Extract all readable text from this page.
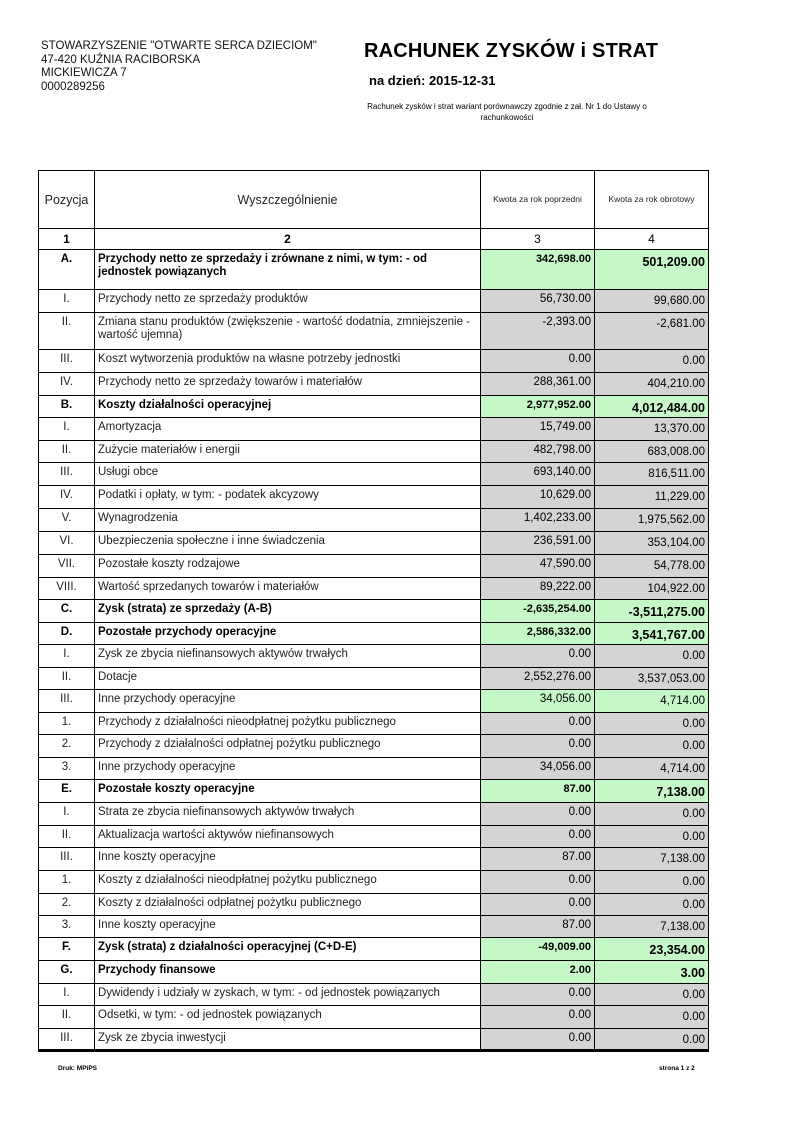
STOWARZYSZENIE "OTWARTE SERCA DZIECIOM"
47-420 KUŹNIA RACIBORSKA
MICKIEWICZA 7
0000289256
RACHUNEK ZYSKÓW i STRAT
na dzień: 2015-12-31
Rachunek zysków i strat wariant porównawczy zgodnie z zał. Nr 1 do Ustawy o rachunkowości
Pozycja	Wyszczególnienie	Kwota za rok poprzedni	Kwota za rok obrotowy
1	2	3	4
A.	Przychody netto ze sprzedaży i zrównane z nimi, w tym: - od jednostek powiązanych	342,698.00	501,209.00
I.	Przychody netto ze sprzedaży produktów	56,730.00	99,680.00
II.	Zmiana stanu produktów (zwiększenie - wartość dodatnia, zmniejszenie - wartość ujemna)	-2,393.00	-2,681.00
III.	Koszt wytworzenia produktów na własne potrzeby jednostki	0.00	0.00
IV.	Przychody netto ze sprzedaży towarów i materiałów	288,361.00	404,210.00
B.	Koszty działalności operacyjnej	2,977,952.00	4,012,484.00
I.	Amortyzacja	15,749.00	13,370.00
II.	Zużycie materiałów i energii	482,798.00	683,008.00
III.	Usługi obce	693,140.00	816,511.00
IV.	Podatki i opłaty, w tym: - podatek akcyzowy	10,629.00	11,229.00
V.	Wynagrodzenia	1,402,233.00	1,975,562.00
VI.	Ubezpieczenia społeczne i inne świadczenia	236,591.00	353,104.00
VII.	Pozostałe koszty rodzajowe	47,590.00	54,778.00
VIII.	Wartość sprzedanych towarów i materiałów	89,222.00	104,922.00
C.	Zysk (strata) ze sprzedaży (A-B)	-2,635,254.00	-3,511,275.00
D.	Pozostałe przychody operacyjne	2,586,332.00	3,541,767.00
I.	Zysk ze zbycia niefinansowych aktywów trwałych	0.00	0.00
II.	Dotacje	2,552,276.00	3,537,053.00
III.	Inne przychody operacyjne	34,056.00	4,714.00
1.	Przychody z działalności nieodpłatnej pożytku publicznego	0.00	0.00
2.	Przychody z działalności odpłatnej pożytku publicznego	0.00	0.00
3.	Inne przychody operacyjne	34,056.00	4,714.00
E.	Pozostałe koszty operacyjne	87.00	7,138.00
I.	Strata ze zbycia niefinansowych aktywów trwałych	0.00	0.00
II.	Aktualizacja wartości aktywów niefinansowych	0.00	0.00
III.	Inne koszty operacyjne	87.00	7,138.00
1.	Koszty z działalności nieodpłatnej pożytku publicznego	0.00	0.00
2.	Koszty z działalności odpłatnej pożytku publicznego	0.00	0.00
3.	Inne koszty operacyjne	87.00	7,138.00
F.	Zysk (strata) z działalności operacyjnej (C+D-E)	-49,009.00	23,354.00
G.	Przychody finansowe	2.00	3.00
I.	Dywidendy i udziały w zyskach, w tym: - od jednostek powiązanych	0.00	0.00
II.	Odsetki, w tym: - od jednostek powiązanych	0.00	0.00
III.	Zysk ze zbycia inwestycji	0.00	0.00
Druk: MPiPS	strona 1 z 2
